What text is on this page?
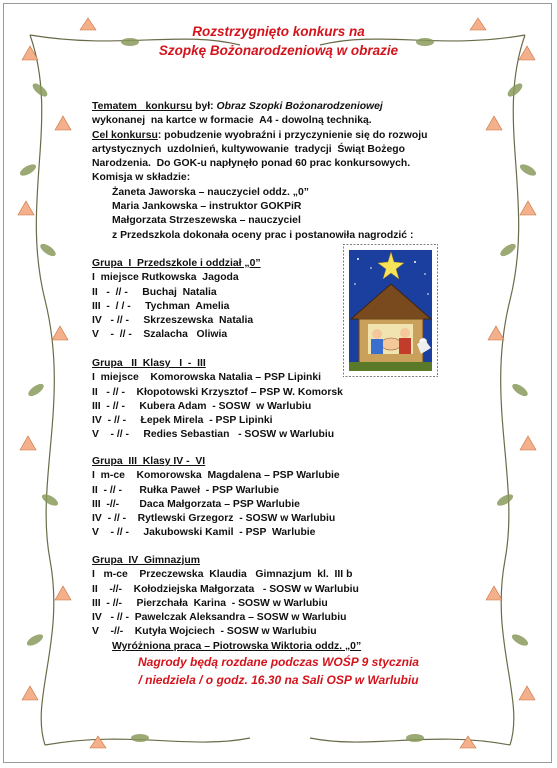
Rozstrzygnięto konkurs na
Szopkę Bożonarodzeniową w obrazie
Tematem   konkursu był: Obraz Szopki Bożonarodzeniowej
wykonanej  na kartce w formacie  A4 - dowolną techniką.
Cel konkursu: pobudzenie wyobraźni i przyczynienie się do rozwoju
artystycznych  uzdolnień, kultywowanie  tradycji  Świąt Bożego
Narodzenia.  Do GOK-u napłynęło ponad 60 prac konkursowych.
Komisja w składzie:
Żaneta Jaworska – nauczyciel oddz. „0”
Maria Jankowska – instruktor GOKPiR
Małgorzata Strzeszewska – nauczyciel
z Przedszkola dokonała oceny prac i postanowiła nagrodzić :
Grupa  I  Przedszkole i oddział „0”
I  miejsce Rutkowska  Jagoda
II   -  // -     Buchaj  Natalia
III  -  / / -     Tychman  Amelia
IV   - // -     Skrzeszewska  Natalia
V    -  // -    Szalacha   Oliwia
Grupa   II  Klasy   I  -  III
I  miejsce    Komorowska Natalia – PSP Lipinki
II   - // -    Kłopotowski Krzysztof – PSP W. Komorsk
III  - // -     Kubera Adam  - SOSW  w Warlubiu
IV  - // -     Łepek Mirela  - PSP Lipinki
V    - // -     Redies Sebastian   - SOSW w Warlubiu
Grupa  III  Klasy IV -  VI
I  m-ce    Komorowska  Magdalena – PSP Warlubie
II  - // -      Rułka Paweł  - PSP Warlubie
III  -//-       Daca Małgorzata – PSP Warlubie
IV  - // -    Rytlewski Grzegorz  - SOSW w Warlubiu
V    - // -     Jakubowski Kamil  - PSP  Warlubie
Grupa  IV  Gimnazjum
I   m-ce    Przeczewska  Klaudia   Gimnazjum  kl.  III b
II    -//-    Kołodziejska Małgorzata   - SOSW w Warlubiu
III  - //-     Pierzchała  Karina  - SOSW w Warlubiu
IV   - // -  Pawelczak Aleksandra – SOSW w Warlubiu
V    -//-    Kutyła Wojciech  - SOSW w Warlubiu
Wyróżniona praca – Piotrowska Wiktoria oddz. „0”
Nagrody będą rozdane podczas WOŚP 9 stycznia
/ niedziela / o godz. 16.30 na Sali OSP w Warlubiu
